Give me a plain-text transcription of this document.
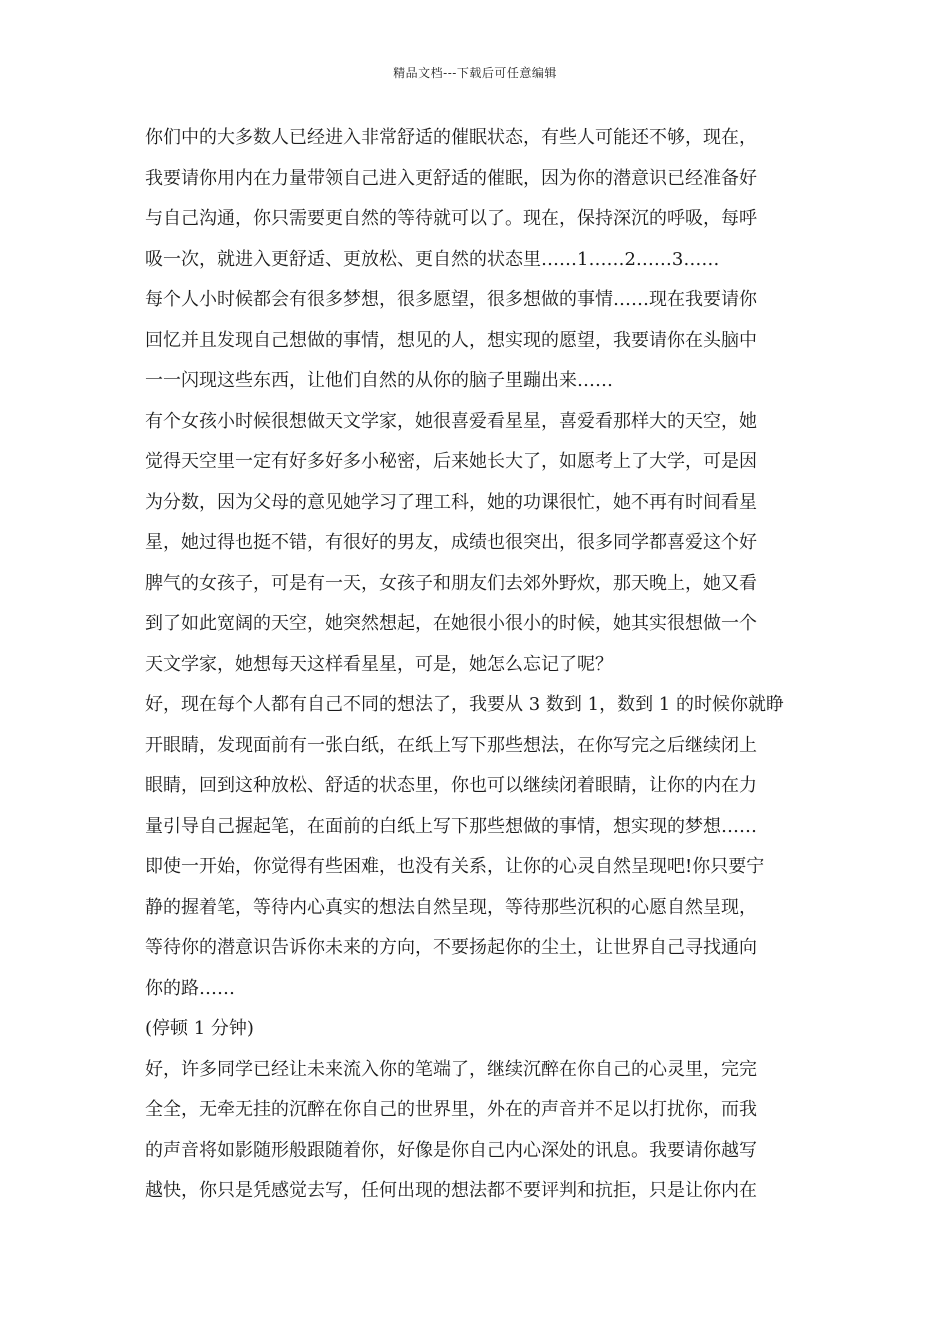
精品文档---下载后可任意编辑

你们中的大多数人已经进入非常舒适的催眠状态，有些人可能还不够，现在，
我要请你用内在力量带领自己进入更舒适的催眠，因为你的潜意识已经准备好
与自己沟通，你只需要更自然的等待就可以了。现在，保持深沉的呼吸，每呼
吸一次，就进入更舒适、更放松、更自然的状态里……1……2……3……

每个人小时候都会有很多梦想，很多愿望，很多想做的事情……现在我要请你
回忆并且发现自己想做的事情，想见的人，想实现的愿望，我要请你在头脑中
一一闪现这些东西，让他们自然的从你的脑子里蹦出来……

有个女孩小时候很想做天文学家，她很喜爱看星星，喜爱看那样大的天空，她
觉得天空里一定有好多好多小秘密，后来她长大了，如愿考上了大学，可是因
为分数，因为父母的意见她学习了理工科，她的功课很忙，她不再有时间看星
星，她过得也挺不错，有很好的男友，成绩也很突出，很多同学都喜爱这个好
脾气的女孩子，可是有一天，女孩子和朋友们去郊外野炊，那天晚上，她又看
到了如此宽阔的天空，她突然想起，在她很小很小的时候，她其实很想做一个
天文学家，她想每天这样看星星，可是，她怎么忘记了呢？

好，现在每个人都有自己不同的想法了，我要从 3 数到 1，数到 1 的时候你就睁
开眼睛，发现面前有一张白纸，在纸上写下那些想法，在你写完之后继续闭上
眼睛，回到这种放松、舒适的状态里，你也可以继续闭着眼睛，让你的内在力
量引导自己握起笔，在面前的白纸上写下那些想做的事情，想实现的梦想……
即使一开始，你觉得有些困难，也没有关系，让你的心灵自然呈现吧!你只要宁
静的握着笔，等待内心真实的想法自然呈现，等待那些沉积的心愿自然呈现，
等待你的潜意识告诉你未来的方向，不要扬起你的尘土，让世界自己寻找通向
你的路……

(停顿 1 分钟)

好，许多同学已经让未来流入你的笔端了，继续沉醉在你自己的心灵里，完完
全全，无牵无挂的沉醉在你自己的世界里，外在的声音并不足以打扰你，而我
的声音将如影随形般跟随着你，好像是你自己内心深处的讯息。我要请你越写
越快，你只是凭感觉去写，任何出现的想法都不要评判和抗拒，只是让你内在
